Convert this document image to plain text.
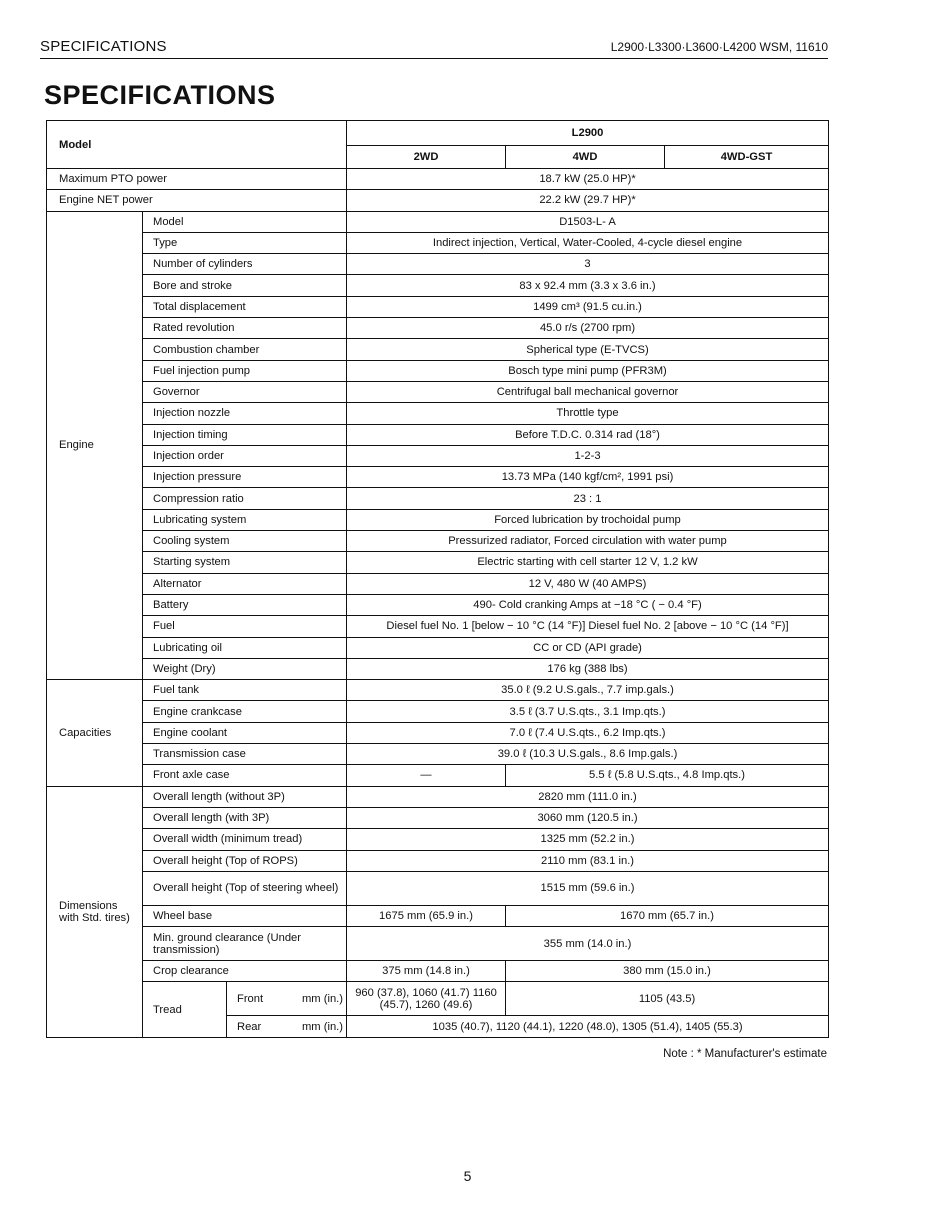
SPECIFICATIONS	L2900·L3300·L3600·L4200 WSM, 11610
SPECIFICATIONS
Model			L2900		
			2WD	4WD	4WD-GST
Maximum PTO power			18.7 kW (25.0 HP)*		
Engine NET power			22.2 kW (29.7 HP)*		
Engine	Model		D1503-L- A		
	Type		Indirect injection, Vertical, Water-Cooled, 4-cycle diesel engine		
	Number of cylinders		3		
	Bore and stroke		83 x 92.4 mm (3.3 x 3.6 in.)		
	Total displacement		1499 cm³ (91.5 cu.in.)		
	Rated revolution		45.0 r/s (2700 rpm)		
	Combustion chamber		Spherical type (E-TVCS)		
	Fuel injection pump		Bosch type mini pump (PFR3M)		
	Governor		Centrifugal ball mechanical governor		
	Injection nozzle		Throttle type		
	Injection timing		Before T.D.C. 0.314 rad (18°)		
	Injection order		1-2-3		
	Injection pressure		13.73 MPa (140 kgf/cm², 1991 psi)		
	Compression ratio		23 : 1		
	Lubricating system		Forced lubrication by trochoidal pump		
	Cooling system		Pressurized radiator, Forced circulation with water pump		
	Starting system		Electric starting with cell starter 12 V, 1.2 kW		
	Alternator		12 V, 480 W (40 AMPS)		
	Battery		490- Cold cranking Amps at −18 °C ( − 0.4 °F)		
	Fuel		Diesel fuel No. 1 [below − 10 °C (14 °F)] Diesel fuel No. 2 [above − 10 °C (14 °F)]		
	Lubricating oil		CC or CD (API grade)		
	Weight (Dry)		176 kg (388 lbs)		
Capacities	Fuel tank		35.0 ℓ (9.2 U.S.gals., 7.7 imp.gals.)		
	Engine crankcase		3.5 ℓ (3.7 U.S.qts., 3.1 Imp.qts.)		
	Engine coolant		7.0 ℓ (7.4 U.S.qts., 6.2 Imp.qts.)		
	Transmission case		39.0 ℓ (10.3 U.S.gals., 8.6 Imp.gals.)		
	Front axle case		—	5.5 ℓ (5.8 U.S.qts., 4.8 Imp.qts.)	
Dimensions with Std. tires)	Overall length (without 3P)		2820 mm (111.0 in.)		
	Overall length (with 3P)		3060 mm (120.5 in.)		
	Overall width (minimum tread)		1325 mm (52.2 in.)		
	Overall height (Top of ROPS)		2110 mm (83.1 in.)		
	Overall height (Top of steering wheel)		1515 mm (59.6 in.)		
	Wheel base		1675 mm (65.9 in.)	1670 mm (65.7 in.)	
	Min. ground clearance (Under transmission)		355 mm (14.0 in.)		
	Crop clearance		375 mm (14.8 in.)	380 mm (15.0 in.)	
	Tread	Front mm (in.)	960 (37.8), 1060 (41.7) 1160 (45.7), 1260 (49.6)	1105 (43.5)	
		Rear mm (in.)	1035 (40.7), 1120 (44.1), 1220 (48.0), 1305 (51.4), 1405 (55.3)		
Note : * Manufacturer's estimate
5
